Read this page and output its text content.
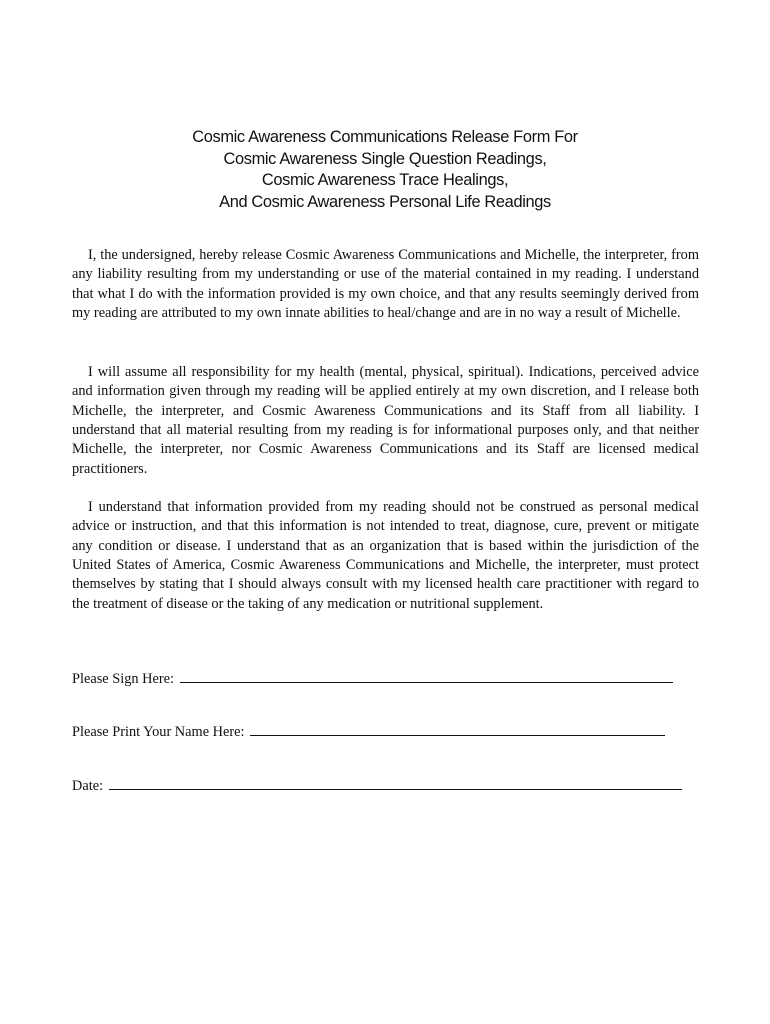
Cosmic Awareness Communications Release Form For
Cosmic Awareness Single Question Readings,
Cosmic Awareness Trace Healings,
And Cosmic Awareness Personal Life Readings

I, the undersigned, hereby release Cosmic Awareness Communications and Michelle, the interpreter, from any liability resulting from my understanding or use of the material contained in my reading. I understand that what I do with the information provided is my own choice, and that any results seemingly derived from my reading are attributed to my own innate abilities to heal/change and are in no way a result of Michelle.

I will assume all responsibility for my health (mental, physical, spiritual). Indications, perceived advice and information given through my reading will be applied entirely at my own discretion, and I release both Michelle, the interpreter, and Cosmic Awareness Communications and its Staff from all liability. I understand that all material resulting from my reading is for informational purposes only, and that neither Michelle, the interpreter, nor Cosmic Awareness Communications and its Staff are licensed medical practitioners.

I understand that information provided from my reading should not be construed as personal medical advice or instruction, and that this information is not intended to treat, diagnose, cure, prevent or mitigate any condition or disease. I understand that as an organization that is based within the jurisdiction of the United States of America, Cosmic Awareness Communications and Michelle, the interpreter, must protect themselves by stating that I should always consult with my licensed health care practitioner with regard to the treatment of disease or the taking of any medication or nutritional supplement.

Please Sign Here:
Please Print Your Name Here:
Date:
